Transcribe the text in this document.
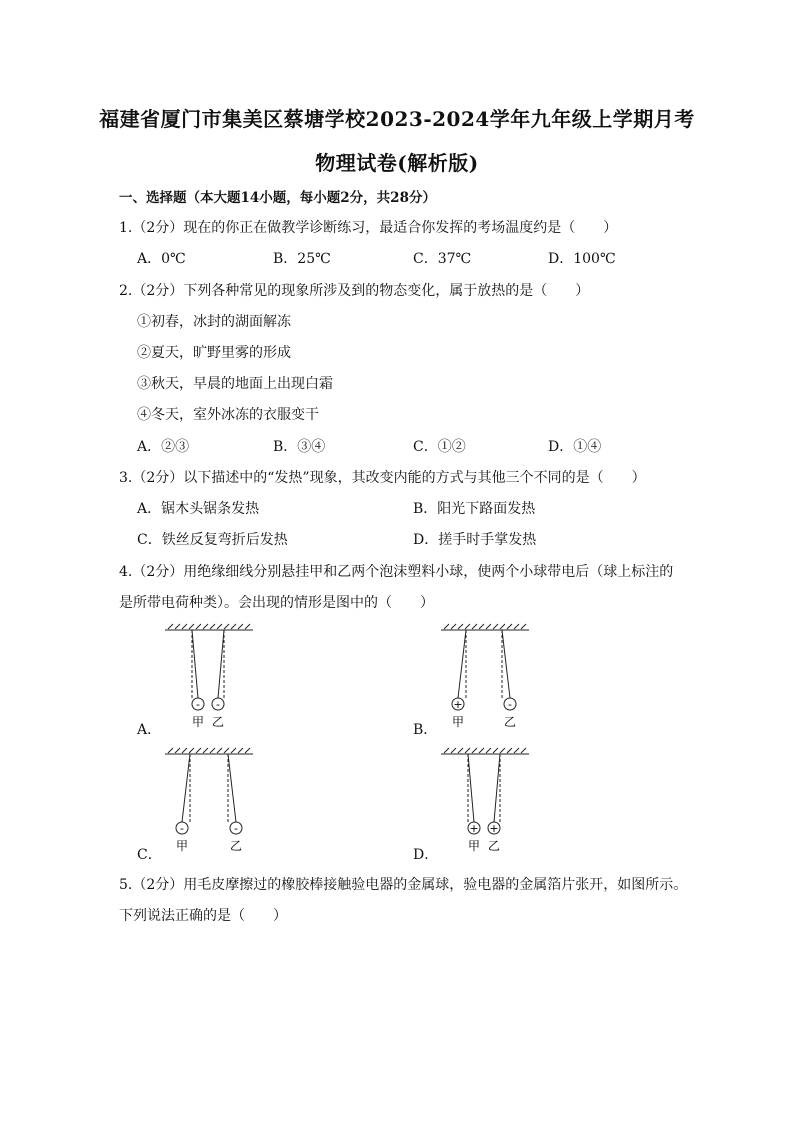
福建省厦门市集美区蔡塘学校2023-2024学年九年级上学期月考
物理试卷(解析版)
一、选择题（本大题14小题，每小题2分，共28分）
1.（2分）现在的你正在做教学诊断练习，最适合你发挥的考场温度约是（　　）
A．0℃	B．25℃	C．37℃	D．100℃
2.（2分）下列各种常见的现象所涉及到的物态变化，属于放热的是（　　）
①初春，冰封的湖面解冻
②夏天，旷野里雾的形成
③秋天，早晨的地面上出现白霜
④冬天，室外冰冻的衣服变干
A．②③	B．③④	C．①②	D．①④
3.（2分）以下描述中的“发热”现象，其改变内能的方式与其他三个不同的是（　　）
A．锯木头锯条发热	B．阳光下路面发热
C．铁丝反复弯折后发热	D．搓手时手掌发热
4.（2分）用绝缘细线分别悬挂甲和乙两个泡沫塑料小球，使两个小球带电后（球上标注的
是所带电荷种类）。会出现的情形是图中的（　　）
A．
- -
甲 乙	B．
+	-
甲	乙
C．
-	-
甲	乙
D．
+ +
甲 乙
5.（2分）用毛皮摩擦过的橡胶棒接触验电器的金属球，验电器的金属箔片张开，如图所示。
下列说法正确的是（　　）
